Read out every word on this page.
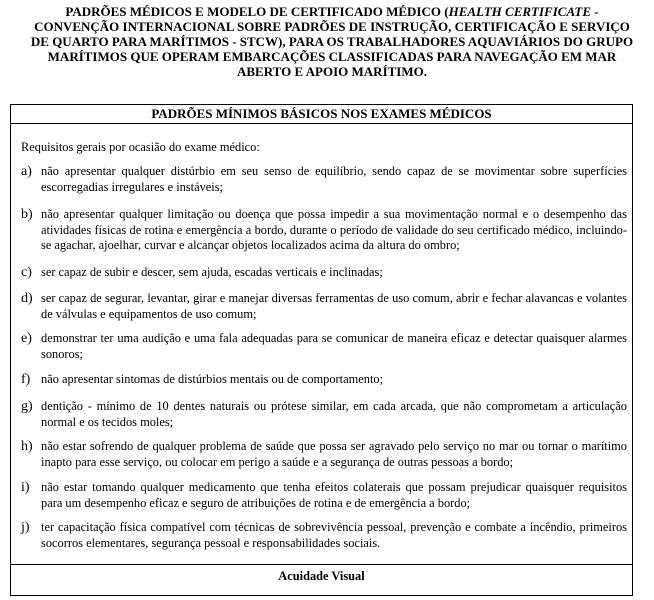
PADRÕES MÉDICOS E MODELO DE CERTIFICADO MÉDICO (HEALTH CERTIFICATE - CONVENÇÃO INTERNACIONAL SOBRE PADRÕES DE INSTRUÇÃO, CERTIFICAÇÃO E SERVIÇO DE QUARTO PARA MARÍTIMOS - STCW), PARA OS TRABALHADORES AQUAVIÁRIOS DO GRUPO MARÍTIMOS QUE OPERAM EMBARCAÇÕES CLASSIFICADAS PARA NAVEGAÇÃO EM MAR ABERTO E APOIO MARÍTIMO.
PADRÕES MÍNIMOS BÁSICOS NOS EXAMES MÉDICOS
Requisitos gerais por ocasião do exame médico:
a) não apresentar qualquer distúrbio em seu senso de equilíbrio, sendo capaz de se movimentar sobre superfícies escorregadias irregulares e instáveis;
b) não apresentar qualquer limitação ou doença que possa impedir a sua movimentação normal e o desempenho das atividades físicas de rotina e emergência a bordo, durante o período de validade do seu certificado médico, incluindo-se agachar, ajoelhar, curvar e alcançar objetos localizados acima da altura do ombro;
c) ser capaz de subir e descer, sem ajuda, escadas verticais e inclinadas;
d) ser capaz de segurar, levantar, girar e manejar diversas ferramentas de uso comum, abrir e fechar alavancas e volantes de válvulas e equipamentos de uso comum;
e) demonstrar ter uma audição e uma fala adequadas para se comunicar de maneira eficaz e detectar quaisquer alarmes sonoros;
f) não apresentar sintomas de distúrbios mentais ou de comportamento;
g) dentição - mínimo de 10 dentes naturais ou prótese similar, em cada arcada, que não comprometam a articulação normal e os tecidos moles;
h) não estar sofrendo de qualquer problema de saúde que possa ser agravado pelo serviço no mar ou tornar o marítimo inapto para esse serviço, ou colocar em perigo a saúde e a segurança de outras pessoas a bordo;
i) não estar tomando qualquer medicamento que tenha efeitos colaterais que possam prejudicar quaisquer requisitos para um desempenho eficaz e seguro de atribuições de rotina e de emergência a bordo;
j) ter capacitação física compatível com técnicas de sobrevivência pessoal, prevenção e combate a incêndio, primeiros socorros elementares, segurança pessoal e responsabilidades sociais.
Acuidade Visual
